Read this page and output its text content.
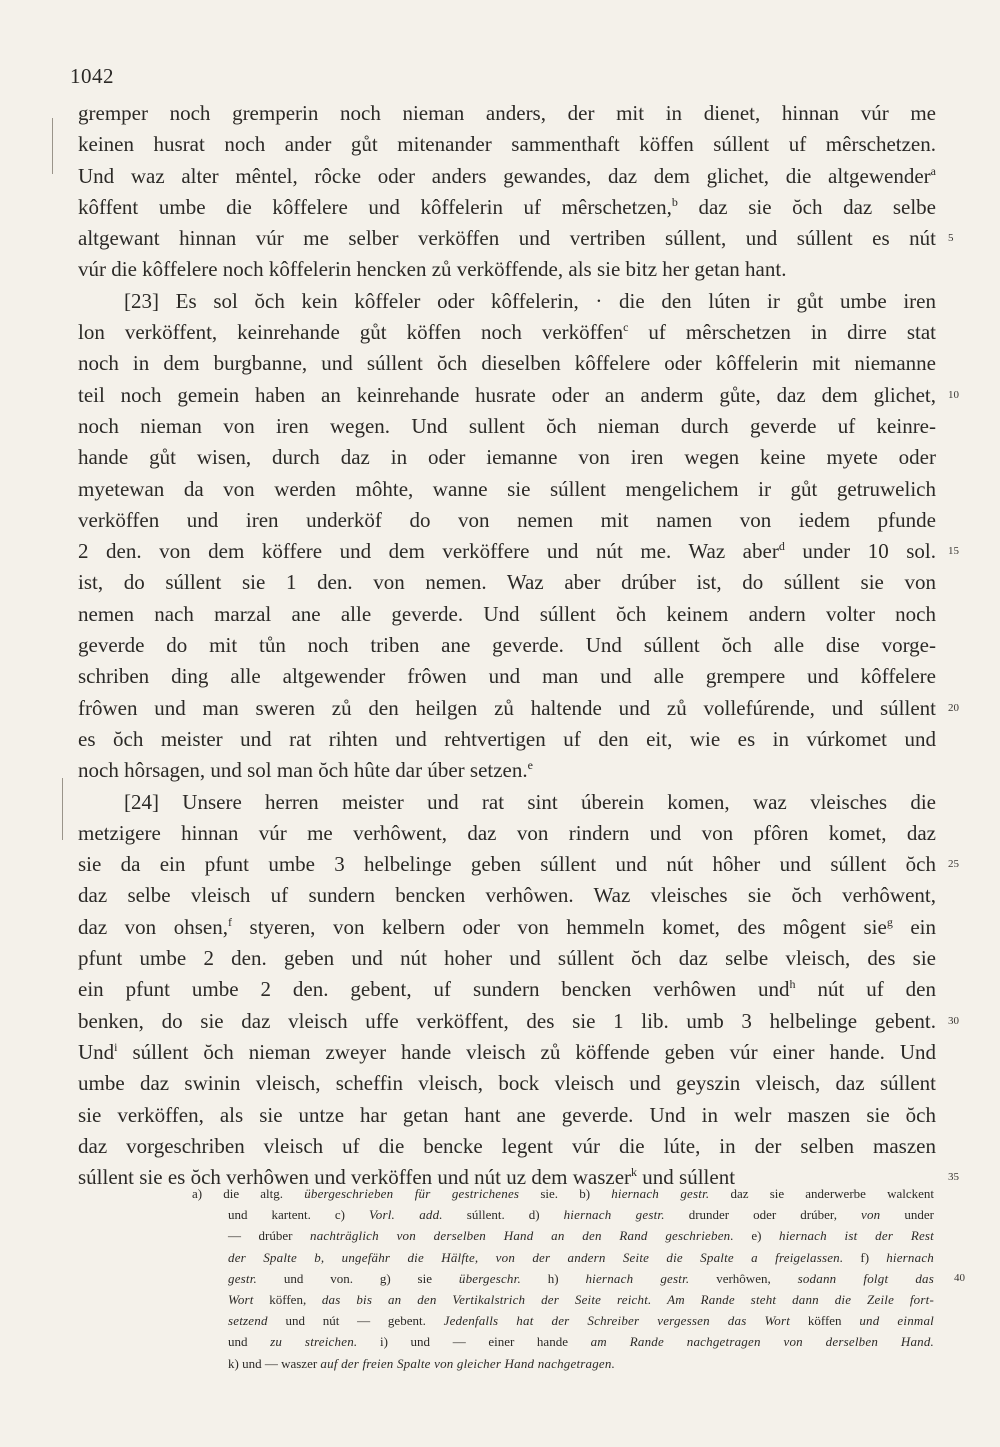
1042
gremper noch gremperin noch nieman anders, der mit in dienet, hinnan vúr me
keinen husrat noch ander gůt mitenander sammenthaft köffen súllent uf mêrschetzen.
Und waz alter mêntel, rôcke oder anders gewandes, daz dem glichet, die altgewender$^a$
kôffent umbe die kôffelere und kôffelerin uf mêrschetzen,$^b$ daz sie ŏch daz selbe
altgewant hinnan vúr me selber verköffen und vertriben súllent, und súllent es nút 5
vúr die kôffelere noch kôffelerin hencken zů verköffende, als sie bitz her getan hant.
[23] Es sol ŏch kein kôffeler oder kôffelerin, · die den lúten ir gůt umbe iren
lon verköffent, keinrehande gůt köffen noch verköffen$^c$ uf mêrschetzen in dirre stat
noch in dem burgbanne, und súllent ŏch dieselben kôffelere oder kôffelerin mit niemanne
teil noch gemein haben an keinrehande husrate oder an anderm gůte, daz dem glichet, 10
noch nieman von iren wegen. Und sullent ŏch nieman durch geverde uf keinre-
hande gůt wisen, durch daz in oder iemanne von iren wegen keine myete oder
myetewan da von werden môhte, wanne sie súllent mengelichem ir gůt getruwelich
verköffen und iren underköf do von nemen mit namen von iedem pfunde
2 den. von dem köffere und dem verköffere und nút me. Waz aber$^d$ under 10 sol. 15
ist, do súllent sie 1 den. von nemen. Waz aber drúber ist, do súllent sie von
nemen nach marzal ane alle geverde. Und súllent ŏch keinem andern volter noch
geverde do mit tůn noch triben ane geverde. Und súllent ŏch alle dise vorge-
schriben ding alle altgewender frôwen und man und alle grempere und kôffelere
frôwen und man sweren zů den heilgen zů haltende und zů vollefúrende, und súllent 20
es ŏch meister und rat rihten und rehtvertigen uf den eit, wie es in vúrkomet und
noch hôrsagen, und sol man ŏch hûte dar úber setzen.$^e$
[24] Unsere herren meister und rat sint úberein komen, waz vleisches die
metzigere hinnan vúr me verhôwent, daz von rindern und von pfôren komet, daz
sie da ein pfunt umbe 3 helbelinge geben súllent und nút hôher und súllent ŏch 25
daz selbe vleisch uf sundern bencken verhôwen. Waz vleisches sie ŏch verhôwent,
daz von ohsen,$^f$ styeren, von kelbern oder von hemmeln komet, des môgent sie$^g$ ein
pfunt umbe 2 den. geben und nút hoher und súllent ŏch daz selbe vleisch, des sie
ein pfunt umbe 2 den. gebent, uf sundern bencken verhôwen und$^h$ nút uf den
benken, do sie daz vleisch uffe verköffent, des sie 1 lib. umb 3 helbelinge gebent. 30
Und$^i$ súllent ŏch nieman zweyer hande vleisch zů köffende geben vúr einer hande. Und
umbe daz swinin vleisch, scheffin vleisch, bock vleisch und geyszin vleisch, daz súllent
sie verköffen, als sie untze har getan hant ane geverde. Und in welr maszen sie ŏch
daz vorgeschriben vleisch uf die bencke legent vúr die lúte, in der selben maszen
súllent sie es ŏch verhôwen und verköffen und nút uz dem waszer$^k$ und súllent	35
a) die altg. übergeschrieben für gestrichenes sie. b) hiernach gestr. daz sie anderwerbe walckent
und kartent. c) Vorl. add. súllent. d) hiernach gestr. drunder oder drúber, von under
— drúber nachträglich von derselben Hand an den Rand geschrieben. e) hiernach ist der Rest
der Spalte b, ungefähr die Hälfte, von der andern Seite die Spalte a freigelassen. f) hiernach
gestr. und von. g) sie übergeschr. h) hiernach gestr. verhôwen, sodann folgt das 40
Wort köffen, das bis an den Vertikalstrich der Seite reicht. Am Rande steht dann die Zeile fort-
setzend und nút — gebent. Jedenfalls hat der Schreiber vergessen das Wort köffen und einmal
und zu streichen. i) und — einer hande am Rande nachgetragen von derselben Hand.
k) und — waszer auf der freien Spalte von gleicher Hand nachgetragen.
